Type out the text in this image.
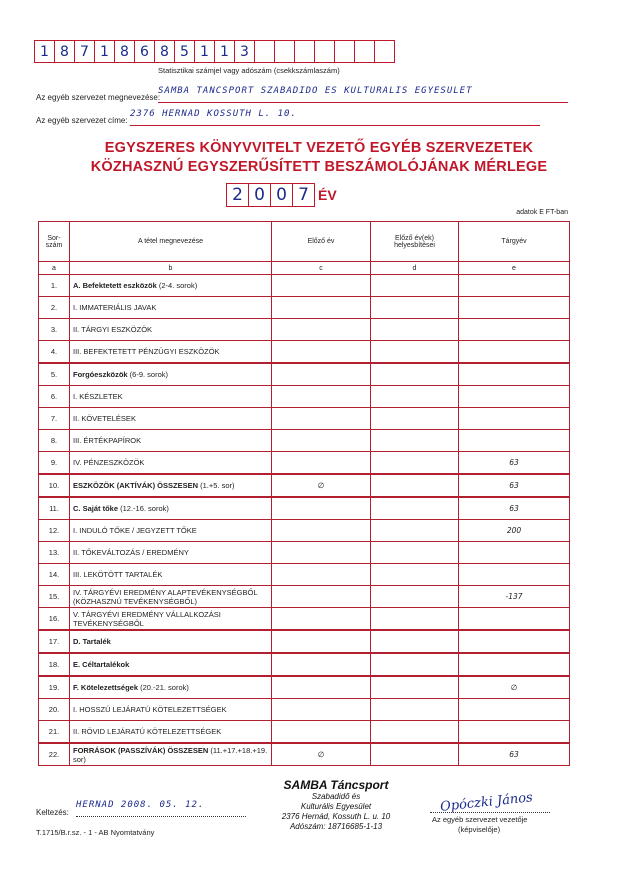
1 8 7 1 8 6 8 5 1 1 3
Statisztikai számjel vagy adószám (csekkszámlaszám)
Az egyéb szervezet megnevezése:
SAMBA TÁNCSPORT SZABADIDŐ ÉS KULTURÁLIS EGYESÜLET
Az egyéb szervezet címe:
2376 HERNÁD KOSSUTH L. 10.
EGYSZERES KÖNYVVITELT VEZETŐ EGYÉB SZERVEZETEK
KÖZHASZNÚ EGYSZERŰSÍTETT BESZÁMOLÓJÁNAK MÉRLEGE
2 0 0 7 ÉV
adatok E FT-ban
Sor-szám	A tétel megnevezése	Előző év	Előző év(ek) helyesbítései	Tárgyév
a	b	c	d	e
1.	A. Befektetett eszközök (2-4. sorok)			
2.	I. IMMATERIÁLIS JAVAK			
3.	II. TÁRGYI ESZKÖZÖK			
4.	III. BEFEKTETETT PÉNZÜGYI ESZKÖZÖK			
5.	Forgóeszközök (6-9. sorok)			
6.	I. KÉSZLETEK			
7.	II. KÖVETELÉSEK			
8.	III. ÉRTÉKPAPÍROK			
9.	IV. PÉNZESZKÖZÖK			63
10.	ESZKÖZÖK (AKTÍVÁK) ÖSSZESEN (1.+5. sor)	∅		63
11.	C. Saját tőke (12.-16. sorok)			63
12.	I. INDULÓ TŐKE / JEGYZETT TŐKE			200
13.	II. TŐKEVÁLTOZÁS / EREDMÉNY			
14.	III. LEKÖTÖTT TARTALÉK			
15.	IV. TÁRGYÉVI EREDMÉNY ALAPTEVÉKENYSÉGBŐL (KÖZHASZNÚ TEVÉKENYSÉGBŐL)			-137
16.	V. TÁRGYÉVI EREDMÉNY VÁLLALKOZÁSI TEVÉKENYSÉGBŐL			
17.	D. Tartalék			
18.	E. Céltartalékok			
19.	F. Kötelezettségek (20.-21. sorok)			∅
20.	I. HOSSZÚ LEJÁRATÚ KÖTELEZETTSÉGEK			
21.	II. RÖVID LEJÁRATÚ KÖTELEZETTSÉGEK			
22.	FORRÁSOK (PASSZÍVÁK) ÖSSZESEN (11.+17.+18.+19. sor)	∅		63
Keltezés:
HERNÁD 2008. 05. 12.
T.1715/B.r.sz. - 1 - AB Nyomtatvány
SAMBA Táncsport
Szabadidő és
Kulturális Egyesület
2376 Hernád, Kossuth L. u. 10
Adószám: 18716685-1-13
Opóczki János
Az egyéb szervezet vezetője
(képviselője)
